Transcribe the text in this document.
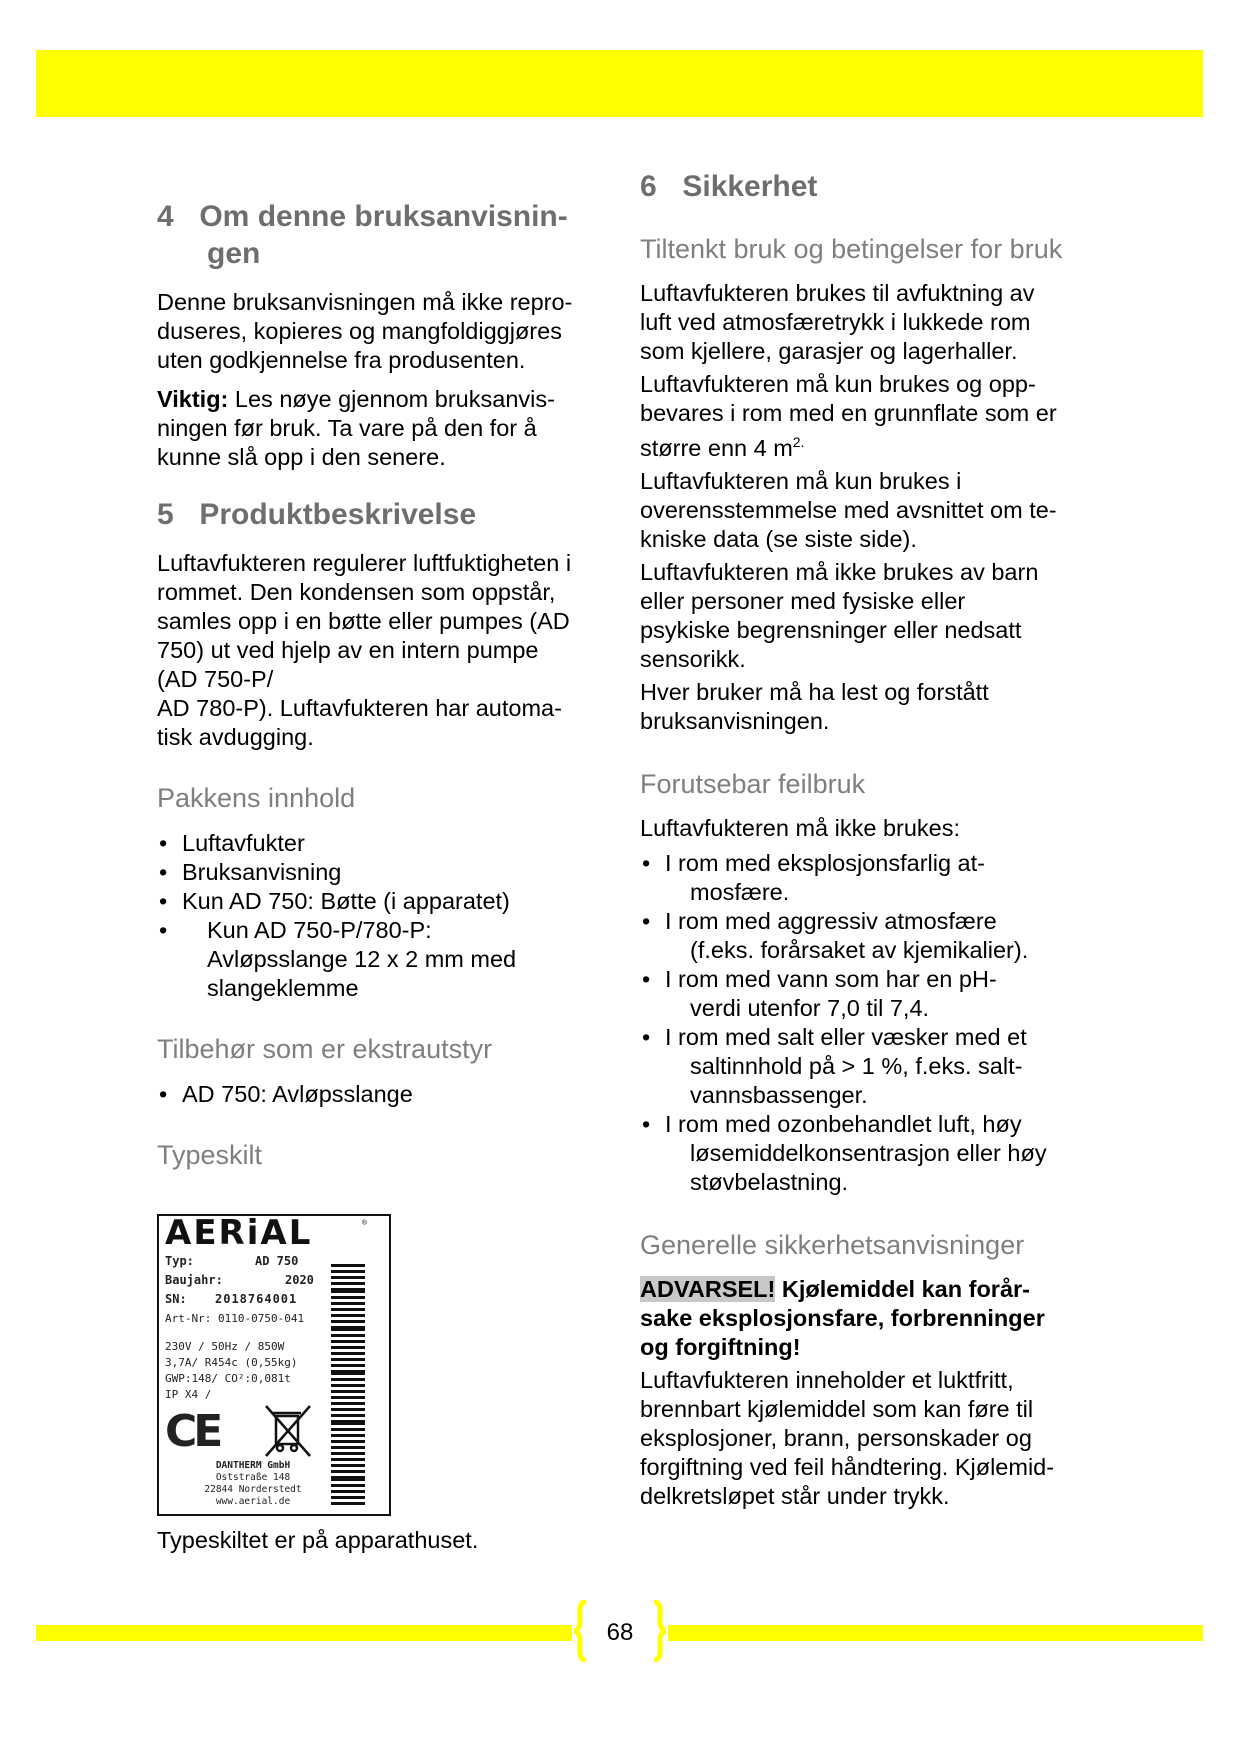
4 Om denne bruksanvisnin-
gen

Denne bruksanvisningen må ikke repro-
duseres, kopieres og mangfoldiggjøres
uten godkjennelse fra produsenten.

Viktig: Les nøye gjennom bruksanvis-
ningen før bruk. Ta vare på den for å
kunne slå opp i den senere.

5 Produktbeskrivelse

Luftavfukteren regulerer luftfuktigheten i
rommet. Den kondensen som oppstår,
samles opp i en bøtte eller pumpes (AD
750) ut ved hjelp av en intern pumpe
(AD 750-P/
AD 780-P). Luftavfukteren har automa-
tisk avdugging.

Pakkens innhold
• Luftavfukter
• Bruksanvisning
• Kun AD 750: Bøtte (i apparatet)
• Kun AD 750-P/780-P:
Avløpsslange 12 x 2 mm med
slangeklemme
Tilbehør som er ekstrautstyr
• AD 750: Avløpsslange
Typeskilt
AERiAL	®
Typ:	AD 750
Baujahr:	2020
SN: 2018764001
Art-Nr: 0110-0750-041
230V / 50Hz / 850W
3,7A/ R454c (0,55kg)
GWP:148/ CO²:0,081t
IP X4 /
CE
DANTHERM GmbH
Oststraße 148
22844 Norderstedt
www.aerial.de

Typeskiltet er på apparathuset.

6 Sikkerhet
Tiltenkt bruk og betingelser for bruk

Luftavfukteren brukes til avfuktning av
luft ved atmosfæretrykk i lukkede rom
som kjellere, garasjer og lagerhaller.

Luftavfukteren må kun brukes og opp-
bevares i rom med en grunnflate som er
større enn 4 $m^{2.}$

Luftavfukteren må kun brukes i
overensstemmelse med avsnittet om te-
kniske data (se siste side).

Luftavfukteren må ikke brukes av barn
eller personer med fysiske eller
psykiske begrensninger eller nedsatt
sensorikk.

Hver bruker må ha lest og forstått
bruksanvisningen.

Forutsebar feilbruk

Luftavfukteren må ikke brukes:

• I rom med eksplosjonsfarlig at-
mosfære.
• I rom med aggressiv atmosfære
(f.eks. forårsaket av kjemikalier).
• I rom med vann som har en pH-
verdi utenfor 7,0 til 7,4.
• I rom med salt eller væsker med et
saltinnhold på > 1 %, f.eks. salt-
vannsbassenger.
• I rom med ozonbehandlet luft, høy
løsemiddelkonsentrasjon eller høy
støvbelastning.
Generelle sikkerhetsanvisninger

ADVARSEL! Kjølemiddel kan forår-
sake eksplosjonsfare, forbrenninger
og forgiftning!

Luftavfukteren inneholder et luktfritt,
brennbart kjølemiddel som kan føre til
eksplosjoner, brann, personskader og
forgiftning ved feil håndtering. Kjølemid-
delkretsløpet står under trykk.

68
